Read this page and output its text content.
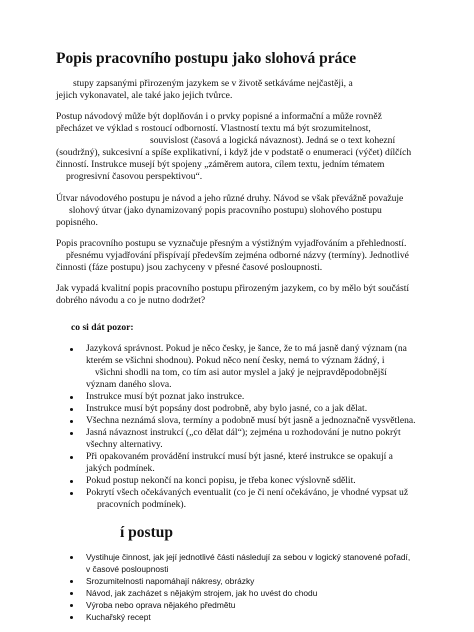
Popis pracovního postupu jako slohová práce
stupy zapsanými přirozeným jazykem se v životě setkáváme nejčastěji, a
jejich vykonavatel, ale také jako jejich tvůrce.
Postup návodový může být doplňován i o prvky popisné a informační a může rovněž
přecházet ve výklad s rostoucí odborností. Vlastností textu má být srozumitelnost,
souvislost (časová a logická návaznost). Jedná se o text kohezní
(soudržný), sukcesivní a spíše explikativní, i když jde v podstatě o enumeraci (výčet) dílčích
činností. Instrukce musejí být spojeny „záměrem autora, cílem textu, jedním tématem
progresivní časovou perspektivou“.
Útvar návodového postupu je návod a jeho různé druhy. Návod se však převážně považuje
slohový útvar (jako dynamizovaný popis pracovního postupu) slohového postupu
popisného.
Popis pracovního postupu se vyznačuje přesným a výstižným vyjadřováním a přehledností.
přesnému vyjadřování přispívají především zejména odborné názvy (termíny). Jednotlivé
činnosti (fáze postupu) jsou zachyceny v přesné časové posloupnosti.
Jak vypadá kvalitní popis pracovního postupu přirozeným jazykem, co by mělo být součástí
dobrého návodu a co je nutno dodržet?
co si dát pozor:
Jazyková správnost. Pokud je něco česky, je šance, že to má jasně daný význam (na
kterém se všichni shodnou). Pokud něco není česky, nemá to význam žádný, i
všichni shodli na tom, co tím asi autor myslel a jaký je nejpravděpodobnější
význam daného slova.
Instrukce musí být poznat jako instrukce.
Instrukce musí být popsány dost podrobně, aby bylo jasné, co a jak dělat.
Všechna neznámá slova, termíny a podobně musí být jasně a jednoznačně vysvětlena.
Jasná návaznost instrukcí („co dělat dál“); zejména u rozhodování je nutno pokrýt
všechny alternativy.
Při opakovaném provádění instrukcí musí být jasné, které instrukce se opakují a
jakých podmínek.
Pokud postup nekončí na konci popisu, je třeba konec výslovně sdělit.
Pokrytí všech očekávaných eventualit (co je či není očekáváno, je vhodné vypsat už
pracovních podmínek).
í postup
Vystihuje činnost, jak její jednotlivé části následují za sebou v logický stanovené pořadí,
v časové posloupnosti
Srozumitelnosti napomáhají nákresy, obrázky
Návod, jak zacházet s nějakým strojem, jak ho uvést do chodu
Výroba nebo oprava nějakého předmětu
Kuchařský recept
